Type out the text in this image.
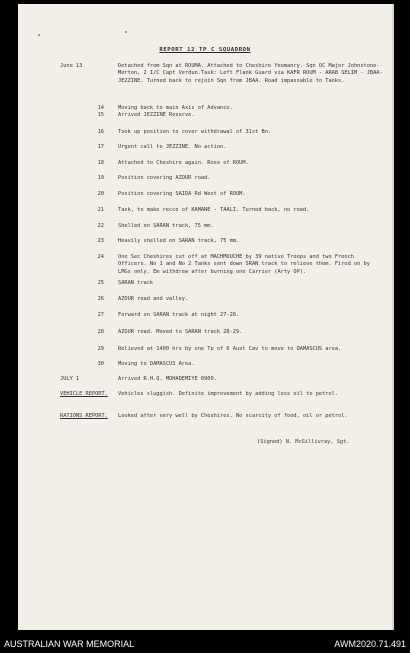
REPORT 12 TP C SQUADRON
June 13	Detached from Sqn at ROUMA. Attached to Cheshire Yeomanry. Sqn OC Major Johnstone-Morton, 2 I/C Capt Verdun.Task: Left Flank Guard via KAFR ROUM - ARAB SELIM - JBAA-JEZZINE. Turned back to rejoin Sqn from JBAA. Road impassable to Tanks.
14	Moving back to main Axis of Advance.
15	Arrived JEZZINE Reserve.
16	Took up position to cover withdrawal of 31st Bn.
17	Urgent call to JEZZINE. No action.
18	Attached to Cheshire again. Rose of ROUM.
19	Position covering AZOUR road.
20	Position covering SAIDA Rd West of ROUM.
21	Task, to make recce of KAMANE - TAALI. Turned back, no road.
22	Shelled on SARAN track, 75 mm.
23	Heavily shelled on SARAN track, 75 mm.
24	One Sec Cheshires cut off at MACHMOUCHE by 39 native Troops and two French Officers. No 1 and No 2 Tanks sent down SRAN track to relieve them. Fired on by LMGs only. Em withdrew after burning one Carrier (Arty OP).
25	SARAN track
26	AZOUR road and valley.
27	Forward on SARAN track at night 27-28.
28	AZOUR road. Moved to SARAN track 28-29.
29	Relieved at 1400 hrs by one Tp of 6 Aust Cav to move to DAMASCUS area.
30	Moving to DAMASCUS Area.
JULY 1	Arrived R.H.Q. MOHADEMIYE 0900.
VEHICLE REPORT. Vehicles sluggish. Definite improvement by adding less oil to petrol.
RATIONS REPORT. Looked after very well by Cheshires. No scarcity of food, oil or petrol.
(Signed) N. McGillivray, Sgt.
AUSTRALIAN WAR MEMORIAL	AWM2020.71.491
